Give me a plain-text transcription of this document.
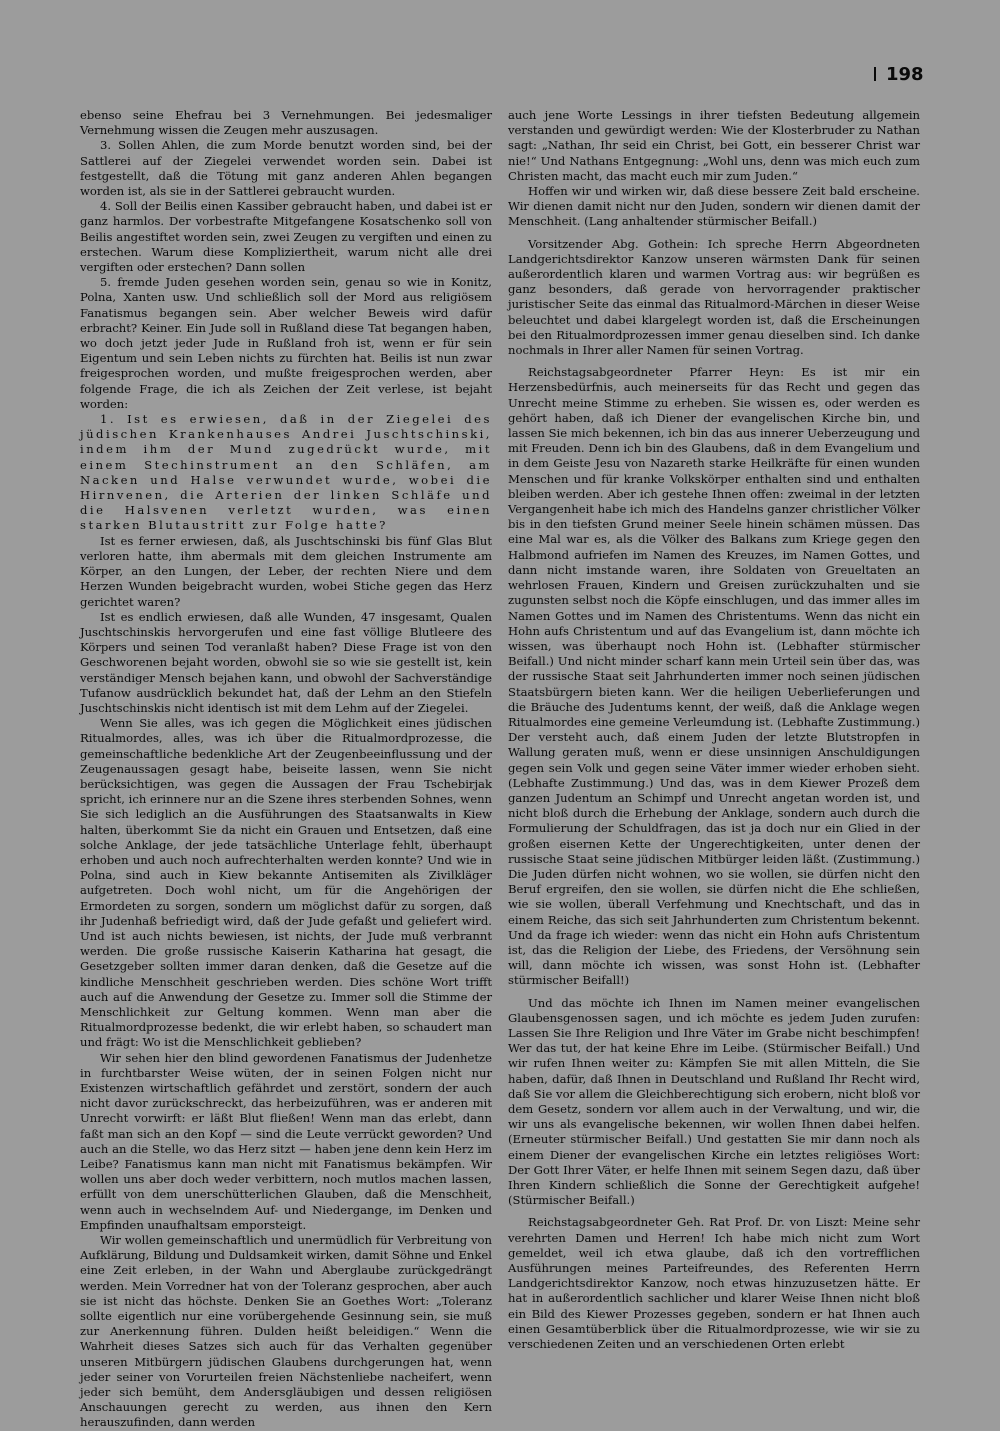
198

ebenso seine Ehefrau bei 3 Vernehmungen. Bei jedesmaliger Vernehmung wissen die Zeugen mehr auszusagen.

3. Sollen Ahlen, die zum Morde benutzt worden sind, bei der Sattlerei auf der Ziegelei verwendet worden sein. Dabei ist festgestellt, daß die Tötung mit ganz anderen Ahlen begangen worden ist, als sie in der Sattlerei gebraucht wurden.

4. Soll der Beilis einen Kassiber gebraucht haben, und dabei ist er ganz harmlos. Der vorbestrafte Mitgefangene Kosatschenko soll von Beilis angestiftet worden sein, zwei Zeugen zu vergiften und einen zu erstechen. Warum diese Kompliziertheit, warum nicht alle drei vergiften oder erstechen? Dann sollen

5. fremde Juden gesehen worden sein, genau so wie in Konitz, Polna, Xanten usw. Und schließlich soll der Mord aus religiösem Fanatismus begangen sein. Aber welcher Beweis wird dafür erbracht? Keiner. Ein Jude soll in Rußland diese Tat begangen haben, wo doch jetzt jeder Jude in Rußland froh ist, wenn er für sein Eigentum und sein Leben nichts zu fürchten hat. Beilis ist nun zwar freigesprochen worden, und mußte freigesprochen werden, aber folgende Frage, die ich als Zeichen der Zeit verlese, ist bejaht worden:

1. Ist es erwiesen, daß in der Ziegelei des jüdischen Krankenhauses Andrei Juschtschinski, indem ihm der Mund zugedrückt wurde, mit einem Stechinstrument an den Schläfen, am Nacken und Halse verwundet wurde, wobei die Hirnvenen, die Arterien der linken Schläfe und die Halsvenen verletzt wurden, was einen starken Blutaustritt zur Folge hatte?

Ist es ferner erwiesen, daß, als Juschtschinski bis fünf Glas Blut verloren hatte, ihm abermals mit dem gleichen Instrumente am Körper, an den Lungen, der Leber, der rechten Niere und dem Herzen Wunden beigebracht wurden, wobei Stiche gegen das Herz gerichtet waren?

Ist es endlich erwiesen, daß alle Wunden, 47 insgesamt, Qualen Juschtschinskis hervorgerufen und eine fast völlige Blutleere des Körpers und seinen Tod veranlaßt haben? Diese Frage ist von den Geschworenen bejaht worden, obwohl sie so wie sie gestellt ist, kein verständiger Mensch bejahen kann, und obwohl der Sachverständige Tufanow ausdrücklich bekundet hat, daß der Lehm an den Stiefeln Juschtschinskis nicht identisch ist mit dem Lehm auf der Ziegelei.

Wenn Sie alles, was ich gegen die Möglichkeit eines jüdischen Ritualmordes, alles, was ich über die Ritualmordprozesse, die gemeinschaftliche bedenkliche Art der Zeugenbeeinflussung und der Zeugenaussagen gesagt habe, beiseite lassen, wenn Sie nicht berücksichtigen, was gegen die Aussagen der Frau Tschebirjak spricht, ich erinnere nur an die Szene ihres sterbenden Sohnes, wenn Sie sich lediglich an die Ausführungen des Staatsanwalts in Kiew halten, überkommt Sie da nicht ein Grauen und Entsetzen, daß eine solche Anklage, der jede tatsächliche Unterlage fehlt, überhaupt erhoben und auch noch aufrechterhalten werden konnte? Und wie in Polna, sind auch in Kiew bekannte Antisemiten als Zivilkläger aufgetreten. Doch wohl nicht, um für die Angehörigen der Ermordeten zu sorgen, sondern um möglichst dafür zu sorgen, daß ihr Judenhaß befriedigt wird, daß der Jude gefaßt und geliefert wird. Und ist auch nichts bewiesen, ist nichts, der Jude muß verbrannt werden. Die große russische Kaiserin Katharina hat gesagt, die Gesetzgeber sollten immer daran denken, daß die Gesetze auf die kindliche Menschheit geschrieben werden. Dies schöne Wort trifft auch auf die Anwendung der Gesetze zu. Immer soll die Stimme der Menschlichkeit zur Geltung kommen. Wenn man aber die Ritualmordprozesse bedenkt, die wir erlebt haben, so schaudert man und frägt: Wo ist die Menschlichkeit geblieben?

Wir sehen hier den blind gewordenen Fanatismus der Judenhetze in furchtbarster Weise wüten, der in seinen Folgen nicht nur Existenzen wirtschaftlich gefährdet und zerstört, sondern der auch nicht davor zurückschreckt, das herbeizuführen, was er anderen mit Unrecht vorwirft: er läßt Blut fließen! Wenn man das erlebt, dann faßt man sich an den Kopf — sind die Leute verrückt geworden? Und auch an die Stelle, wo das Herz sitzt — haben jene denn kein Herz im Leibe? Fanatismus kann man nicht mit Fanatismus bekämpfen. Wir wollen uns aber doch weder verbittern, noch mutlos machen lassen, erfüllt von dem unerschütterlichen Glauben, daß die Menschheit, wenn auch in wechselndem Auf- und Niedergange, im Denken und Empfinden unaufhaltsam emporsteigt.

Wir wollen gemeinschaftlich und unermüdlich für Verbreitung von Aufklärung, Bildung und Duldsamkeit wirken, damit Söhne und Enkel eine Zeit erleben, in der Wahn und Aberglaube zurückgedrängt werden. Mein Vorredner hat von der Toleranz gesprochen, aber auch sie ist nicht das höchste. Denken Sie an Goethes Wort: „Toleranz sollte eigentlich nur eine vorübergehende Gesinnung sein, sie muß zur Anerkennung führen. Dulden heißt beleidigen.“ Wenn die Wahrheit dieses Satzes sich auch für das Verhalten gegenüber unseren Mitbürgern jüdischen Glaubens durchgerungen hat, wenn jeder seiner von Vorurteilen freien Nächstenliebe nacheifert, wenn jeder sich bemüht, dem Andersgläubigen und dessen religiösen Anschauungen gerecht zu werden, aus ihnen den Kern herauszufinden, dann werden

auch jene Worte Lessings in ihrer tiefsten Bedeutung allgemein verstanden und gewürdigt werden: Wie der Klosterbruder zu Nathan sagt: „Nathan, Ihr seid ein Christ, bei Gott, ein besserer Christ war nie!“ Und Nathans Entgegnung: „Wohl uns, denn was mich euch zum Christen macht, das macht euch mir zum Juden.“

Hoffen wir und wirken wir, daß diese bessere Zeit bald erscheine. Wir dienen damit nicht nur den Juden, sondern wir dienen damit der Menschheit. (Lang anhaltender stürmischer Beifall.)

Vorsitzender Abg. Gothein: Ich spreche Herrn Abgeordneten Landgerichtsdirektor Kanzow unseren wärmsten Dank für seinen außerordentlich klaren und warmen Vortrag aus: wir begrüßen es ganz besonders, daß gerade von hervorragender praktischer juristischer Seite das einmal das Ritualmord-Märchen in dieser Weise beleuchtet und dabei klargelegt worden ist, daß die Erscheinungen bei den Ritualmordprozessen immer genau dieselben sind. Ich danke nochmals in Ihrer aller Namen für seinen Vortrag.

Reichstagsabgeordneter Pfarrer Heyn: Es ist mir ein Herzensbedürfnis, auch meinerseits für das Recht und gegen das Unrecht meine Stimme zu erheben. Sie wissen es, oder werden es gehört haben, daß ich Diener der evangelischen Kirche bin, und lassen Sie mich bekennen, ich bin das aus innerer Ueberzeugung und mit Freuden. Denn ich bin des Glaubens, daß in dem Evangelium und in dem Geiste Jesu von Nazareth starke Heilkräfte für einen wunden Menschen und für kranke Volkskörper enthalten sind und enthalten bleiben werden. Aber ich gestehe Ihnen offen: zweimal in der letzten Vergangenheit habe ich mich des Handelns ganzer christlicher Völker bis in den tiefsten Grund meiner Seele hinein schämen müssen. Das eine Mal war es, als die Völker des Balkans zum Kriege gegen den Halbmond aufriefen im Namen des Kreuzes, im Namen Gottes, und dann nicht imstande waren, ihre Soldaten von Greueltaten an wehrlosen Frauen, Kindern und Greisen zurückzuhalten und sie zugunsten selbst noch die Köpfe einschlugen, und das immer alles im Namen Gottes und im Namen des Christentums. Wenn das nicht ein Hohn aufs Christentum und auf das Evangelium ist, dann möchte ich wissen, was überhaupt noch Hohn ist. (Lebhafter stürmischer Beifall.) Und nicht minder scharf kann mein Urteil sein über das, was der russische Staat seit Jahrhunderten immer noch seinen jüdischen Staatsbürgern bieten kann. Wer die heiligen Ueberlieferungen und die Bräuche des Judentums kennt, der weiß, daß die Anklage wegen Ritualmordes eine gemeine Verleumdung ist. (Lebhafte Zustimmung.) Der versteht auch, daß einem Juden der letzte Blutstropfen in Wallung geraten muß, wenn er diese unsinnigen Anschuldigungen gegen sein Volk und gegen seine Väter immer wieder erhoben sieht. (Lebhafte Zustimmung.) Und das, was in dem Kiewer Prozeß dem ganzen Judentum an Schimpf und Unrecht angetan worden ist, und nicht bloß durch die Erhebung der Anklage, sondern auch durch die Formulierung der Schuldfragen, das ist ja doch nur ein Glied in der großen eisernen Kette der Ungerechtigkeiten, unter denen der russische Staat seine jüdischen Mitbürger leiden läßt. (Zustimmung.) Die Juden dürfen nicht wohnen, wo sie wollen, sie dürfen nicht den Beruf ergreifen, den sie wollen, sie dürfen nicht die Ehe schließen, wie sie wollen, überall Verfehmung und Knechtschaft, und das in einem Reiche, das sich seit Jahrhunderten zum Christentum bekennt. Und da frage ich wieder: wenn das nicht ein Hohn aufs Christentum ist, das die Religion der Liebe, des Friedens, der Versöhnung sein will, dann möchte ich wissen, was sonst Hohn ist. (Lebhafter stürmischer Beifall!)

Und das möchte ich Ihnen im Namen meiner evangelischen Glaubensgenossen sagen, und ich möchte es jedem Juden zurufen: Lassen Sie Ihre Religion und Ihre Väter im Grabe nicht beschimpfen! Wer das tut, der hat keine Ehre im Leibe. (Stürmischer Beifall.) Und wir rufen Ihnen weiter zu: Kämpfen Sie mit allen Mitteln, die Sie haben, dafür, daß Ihnen in Deutschland und Rußland Ihr Recht wird, daß Sie vor allem die Gleichberechtigung sich erobern, nicht bloß vor dem Gesetz, sondern vor allem auch in der Verwaltung, und wir, die wir uns als evangelische bekennen, wir wollen Ihnen dabei helfen. (Erneuter stürmischer Beifall.) Und gestatten Sie mir dann noch als einem Diener der evangelischen Kirche ein letztes religiöses Wort: Der Gott Ihrer Väter, er helfe Ihnen mit seinem Segen dazu, daß über Ihren Kindern schließlich die Sonne der Gerechtigkeit aufgehe! (Stürmischer Beifall.)

Reichstagsabgeordneter Geh. Rat Prof. Dr. von Liszt: Meine sehr verehrten Damen und Herren! Ich habe mich nicht zum Wort gemeldet, weil ich etwa glaube, daß ich den vortrefflichen Ausführungen meines Parteifreundes, des Referenten Herrn Landgerichtsdirektor Kanzow, noch etwas hinzuzusetzen hätte. Er hat in außerordentlich sachlicher und klarer Weise Ihnen nicht bloß ein Bild des Kiewer Prozesses gegeben, sondern er hat Ihnen auch einen Gesamtüberblick über die Ritualmordprozesse, wie wir sie zu verschiedenen Zeiten und an verschiedenen Orten erlebt
